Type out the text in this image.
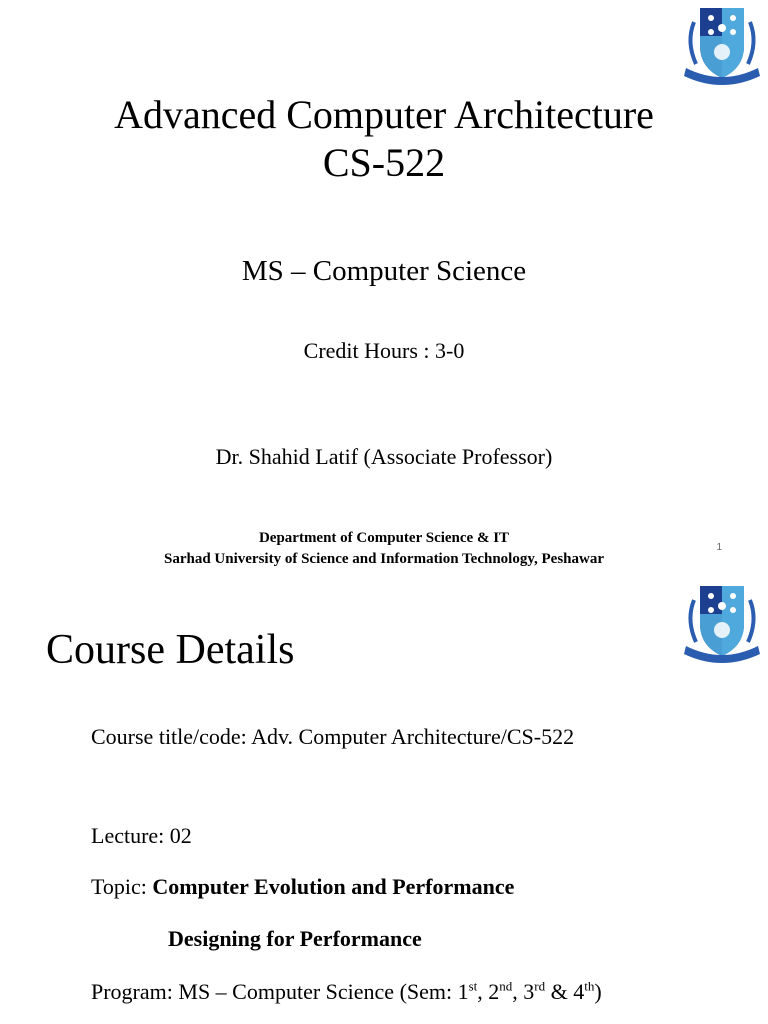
Advanced Computer Architecture
CS-522
MS – Computer Science
Credit Hours : 3-0
Dr. Shahid Latif (Associate Professor)
Department of Computer Science & IT
Sarhad University of Science and Information Technology, Peshawar
1
Course Details
Course title/code: Adv. Computer Architecture/CS-522
Lecture: 02
Topic: Computer Evolution and Performance
Designing for Performance
Program: MS – Computer Science (Sem: 1st, 2nd, 3rd & 4th)
